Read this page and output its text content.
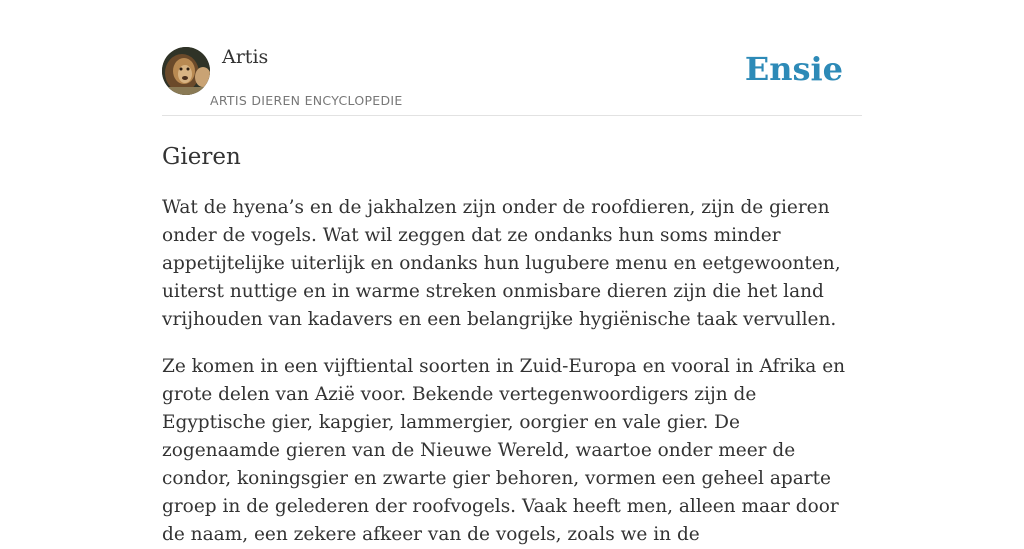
Artis
ARTIS DIEREN ENCYCLOPEDIE
Ensie
Gieren

Wat de hyena’s en de jakhalzen zijn onder de roofdieren, zijn de gieren onder de vogels. Wat wil zeggen dat ze ondanks hun soms minder appetijtelijke uiterlijk en ondanks hun lugubere menu en eetgewoonten, uiterst nuttige en in warme streken onmisbare dieren zijn die het land vrijhouden van kadavers en een belangrijke hygiënische taak vervullen.

Ze komen in een vijftiental soorten in Zuid-Europa en vooral in Afrika en grote delen van Azië voor. Bekende vertegenwoordigers zijn de Egyptische gier, kapgier, lammergier, oorgier en vale gier. De zogenaamde gieren van de Nieuwe Wereld, waartoe onder meer de condor, koningsgier en zwarte gier behoren, vormen een geheel aparte groep in de gelederen der roofvogels. Vaak heeft men, alleen maar door de naam, een zekere afkeer van de vogels, zoals we in de
